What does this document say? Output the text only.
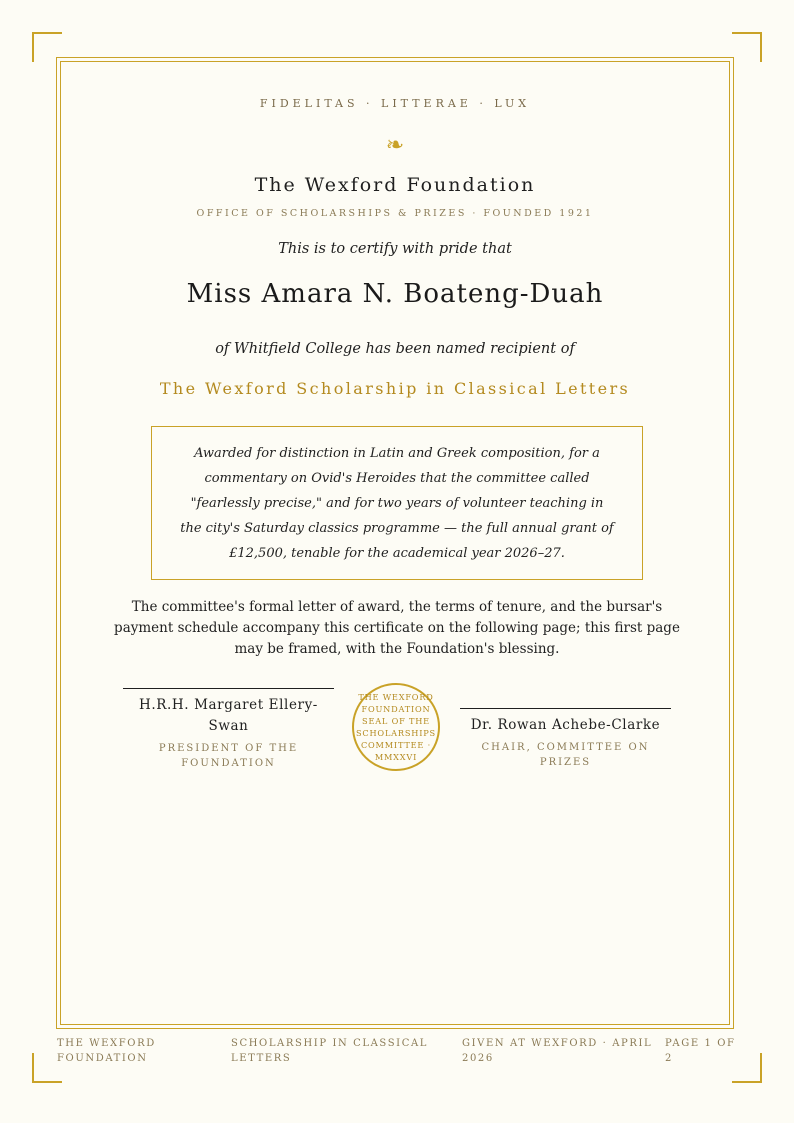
FIDELITAS · LITTERAE · LUX
❧
The Wexford Foundation
OFFICE OF SCHOLARSHIPS & PRIZES · FOUNDED 1921
This is to certify with pride that
Miss Amara N. Boateng-Duah
of Whitfield College has been named recipient of
The Wexford Scholarship in Classical Letters
Awarded for distinction in Latin and Greek composition, for a commentary on Ovid's Heroides that the committee called "fearlessly precise," and for two years of volunteer teaching in the city's Saturday classics programme — the full annual grant of £12,500, tenable for the academical year 2026–27.
The committee's formal letter of award, the terms of tenure, and the bursar's payment schedule accompany this certificate on the following page; this first page may be framed, with the Foundation's blessing.
H.R.H. Margaret Ellery-Swan
PRESIDENT OF THE FOUNDATION
THE WEXFORD FOUNDATION SEAL OF THE SCHOLARSHIPS COMMITTEE · MMXXVI
Dr. Rowan Achebe-Clarke
CHAIR, COMMITTEE ON PRIZES
THE WEXFORD FOUNDATION
SCHOLARSHIP IN CLASSICAL LETTERS
GIVEN AT WEXFORD · APRIL 2026
PAGE 1 OF 2
